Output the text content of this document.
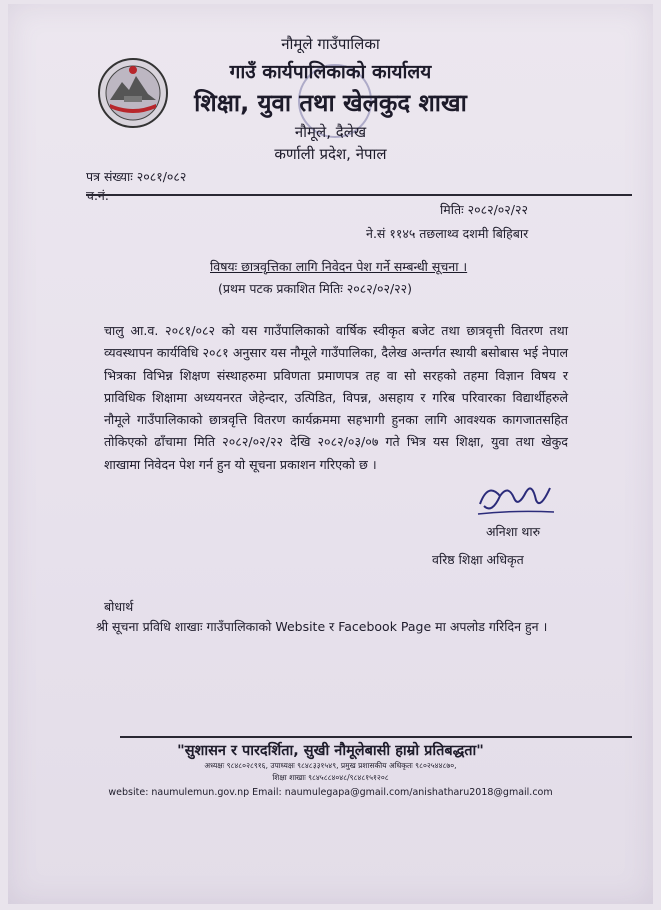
नौमूले गाउँपालिका
गाउँ कार्यपालिकाको कार्यालय
शिक्षा, युवा तथा खेलकुद शाखा
नौमूले, दैलेख
कर्णाली प्रदेश, नेपाल
पत्र संख्याः २०८१/०८२
मितिः २०८२/०२/२२
ने.सं ११४५ तछलाथ्व दशमी बिहिबार
विषयः छात्रवृत्तिका लागि निवेदन पेश गर्ने सम्बन्धी सूचना ।
(प्रथम पटक प्रकाशित मितिः २०८२/०२/२२)
चालु आ.व. २०८१/०८२ को यस गाउँपालिकाको वार्षिक स्वीकृत बजेट तथा छात्रवृत्ती वितरण तथा व्यवस्थापन कार्यविधि २०८१ अनुसार यस नौमूले गाउँपालिका, दैलेख अन्तर्गत स्थायी बसोबास भई नेपाल भित्रका विभिन्न शिक्षण संस्थाहरुमा प्रविणता प्रमाणपत्र तह वा सो सरहको तहमा विज्ञान विषय र प्राविधिक शिक्षामा अध्ययनरत जेहेन्दार, उत्पिडित, विपन्न, असहाय र गरिब परिवारका विद्यार्थीहरुले नौमूले गाउँपालिकाको छात्रवृत्ति वितरण कार्यक्रममा सहभागी हुनका लागि आवश्यक कागजातसहित तोकिएको ढाँचामा मिति २०८२/०२/२२ देखि २०८२/०३/०७ गते भित्र यस शिक्षा, युवा तथा खेकुद शाखामा निवेदन पेश गर्न हुन यो सूचना प्रकाशन गरिएको छ ।
अनिशा थारु
वरिष्ठ शिक्षा अधिकृत
बोधार्थ
श्री सूचना प्रविधि शाखाः गाउँपालिकाको Website र Facebook Page मा अपलोड गरिदिन हुन ।
"सुशासन र पारदर्शिता, सुखी नौमूलेबासी हाम्रो प्रतिबद्धता"
अध्यक्षः ९८४८०२८९१६, उपाध्यक्षः ९८४८३३१५४९, प्रमुख प्रशासकीय अधिकृतः ९८०२५४४८७०,
शिक्षा शाखाः ९८४५८८४०४८/९८४८१५१२०८
website: naumulemun.gov.np Email: naumulegapa@gmail.com/anishatharu2018@gmail.com
